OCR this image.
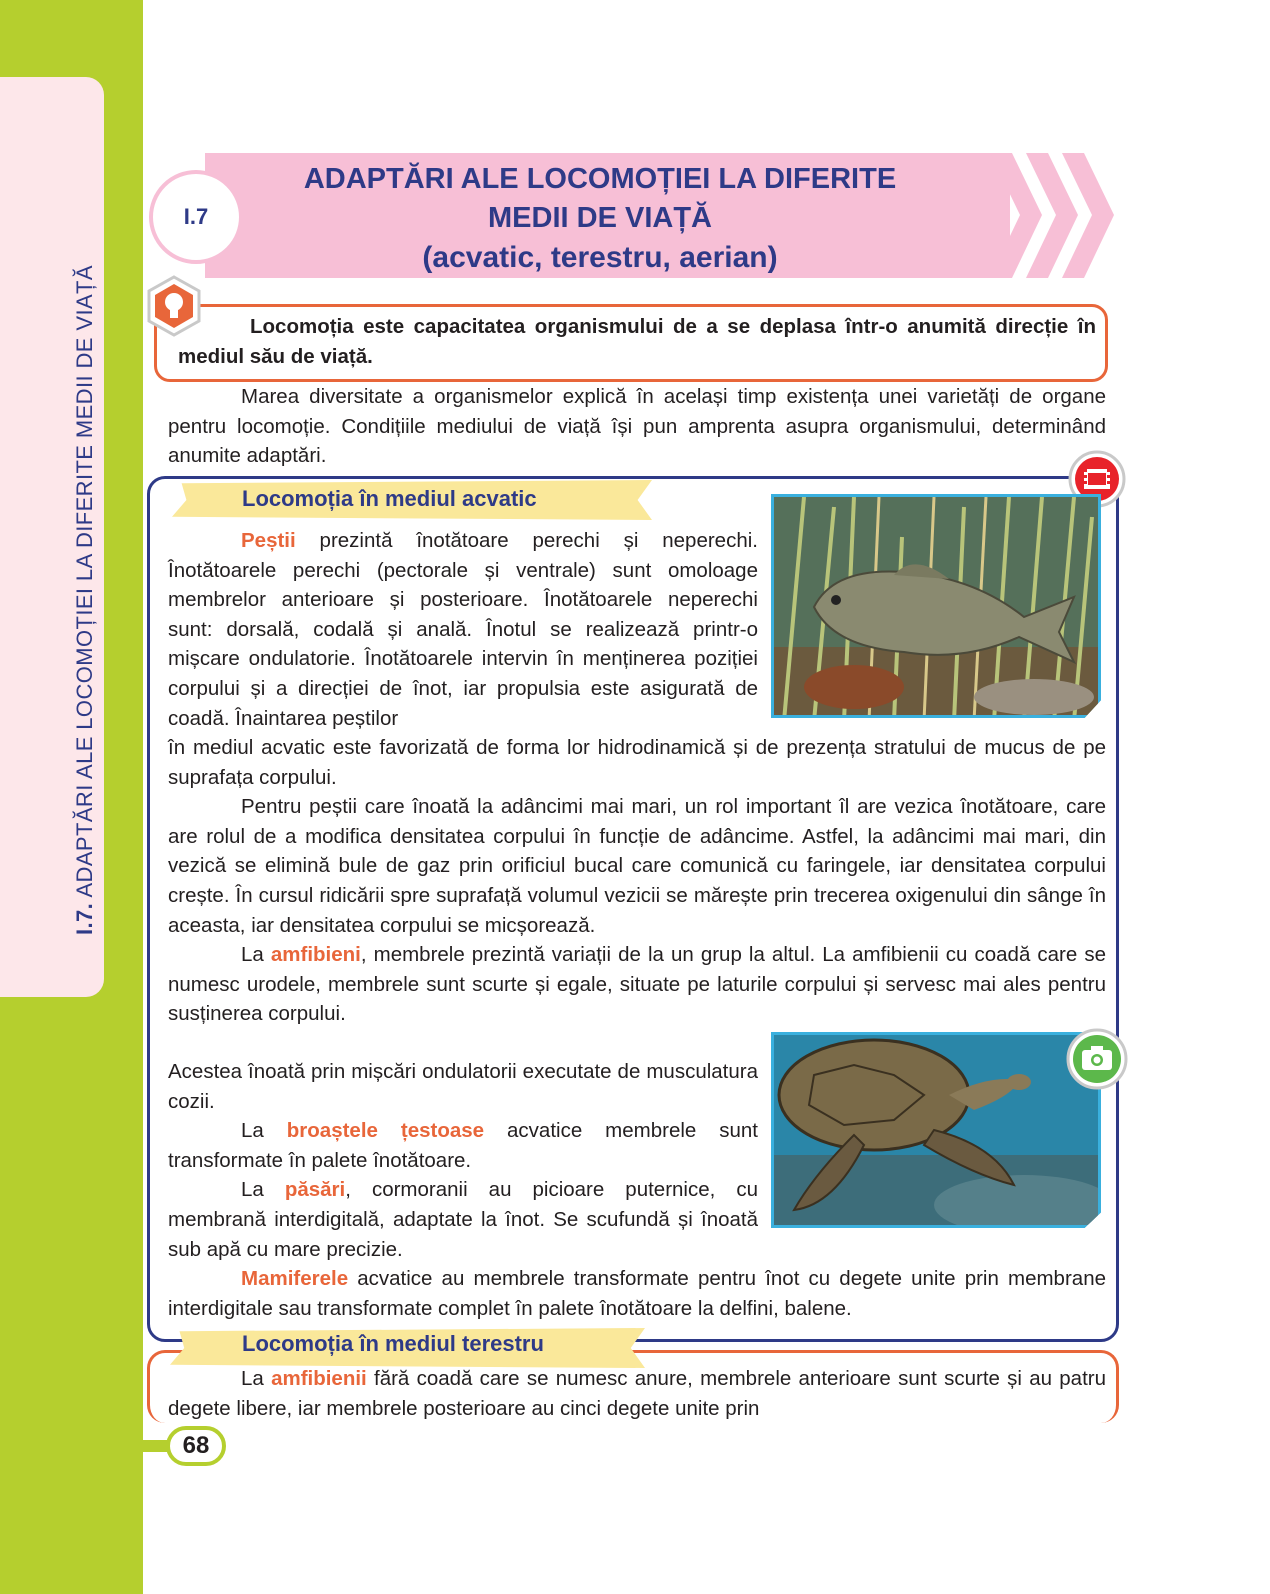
I.7. ADAPTĂRI ALE LOCOMOȚIEI LA DIFERITE MEDII DE VIAȚĂ
I.7
ADAPTĂRI ALE LOCOMOȚIEI LA DIFERITE
MEDII DE VIAȚĂ
(acvatic, terestru, aerian)
Locomoția este capacitatea organismului de a se deplasa într-o anumită direcție în mediul său de viață.

Marea diversitate a organismelor explică în același timp existența unei varietăți de organe pentru locomoție. Condițiile mediului de viață își pun amprenta asupra organismului, determinând anumite adaptări.

Locomoția în mediul acvatic

Peștii prezintă înotătoare perechi și neperechi. Înotătoarele perechi (pectorale și ventrale) sunt omoloage membrelor anterioare și posterioare. Înotătoarele neperechi sunt: dorsală, codală și anală. Înotul se realizează printr-o mișcare ondulatorie. Înotătoarele intervin în menținerea poziției corpului și a direcției de înot, iar propulsia este asigurată de coadă. Înaintarea peștilor

în mediul acvatic este favorizată de forma lor hidrodinamică și de prezența stratului de mucus de pe suprafața corpului.

Pentru peștii care înoată la adâncimi mai mari, un rol important îl are vezica înotătoare, care are rolul de a modifica densitatea corpului în funcție de adâncime. Astfel, la adâncimi mai mari, din vezică se elimină bule de gaz prin orificiul bucal care comunică cu faringele, iar densitatea corpului crește. În cursul ridicării spre suprafață volumul vezicii se mărește prin trecerea oxigenului din sânge în aceasta, iar densitatea corpului se micșorează.

La amfibieni, membrele prezintă variații de la un grup la altul. La amfibienii cu coadă care se numesc urodele, membrele sunt scurte și egale, situate pe laturile corpului și servesc mai ales pentru susținerea corpului.

Acestea înoată prin mișcări ondulatorii executate de musculatura cozii.

La broaștele țestoase acvatice membrele sunt transformate în palete înotătoare.

La păsări, cormoranii au picioare puternice, cu membrană interdigitală, adaptate la înot. Se scufundă și înoată sub apă cu mare precizie.

Mamiferele acvatice au membrele transformate pentru înot cu degete unite prin membrane interdigitale sau transformate complet în palete înotătoare la delfini, balene.

Locomoția în mediul terestru

La amfibienii fără coadă care se numesc anure, membrele anterioare sunt scurte și au patru degete libere, iar membrele posterioare au cinci degete unite prin

68
